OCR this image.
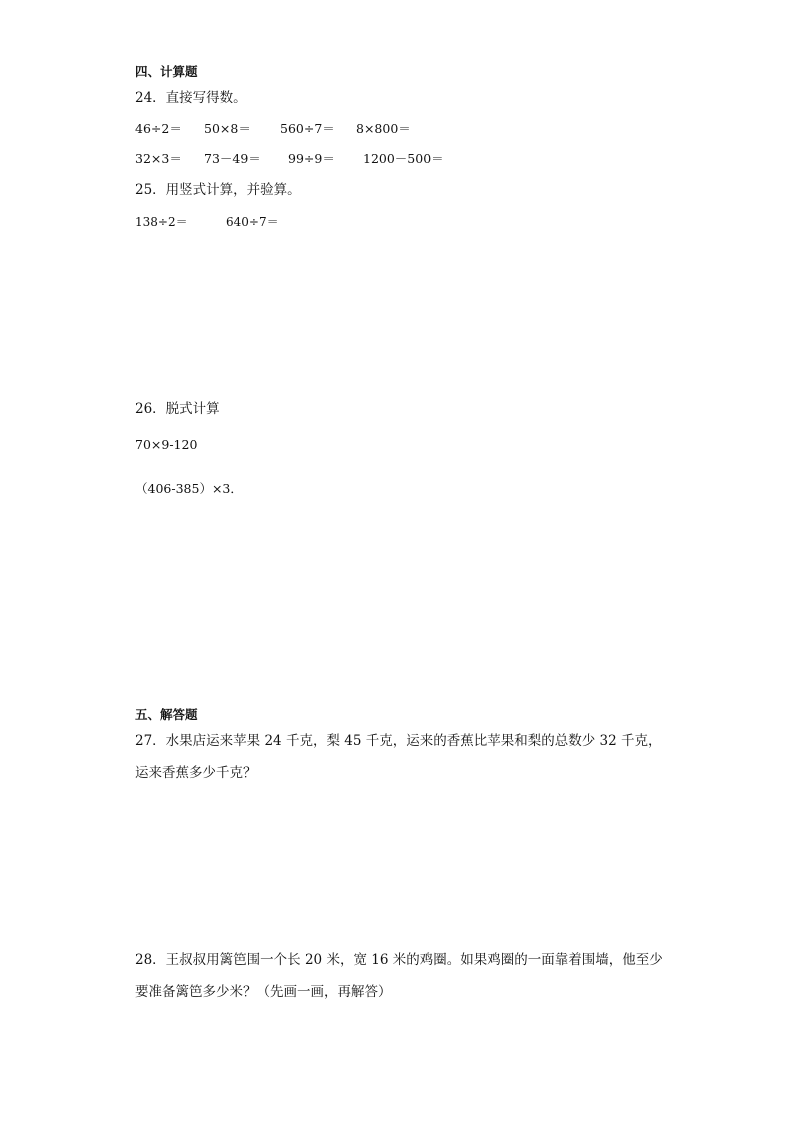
四、计算题
24．直接写得数。
46÷2＝ 50×8＝ 560÷7＝ 8×800＝
32×3＝ 73－49＝ 99÷9＝ 1200－500＝
25．用竖式计算，并验算。
138÷2＝	640÷7＝
26．脱式计算
70×9-120
（406-385）×3．
五、解答题
27．水果店运来苹果 24 千克，梨 45 千克，运来的香蕉比苹果和梨的总数少 32 千克，
运来香蕉多少千克？
28．王叔叔用篱笆围一个长 20 米，宽 16 米的鸡圈。如果鸡圈的一面靠着围墙，他至少
要准备篱笆多少米？（先画一画，再解答）
